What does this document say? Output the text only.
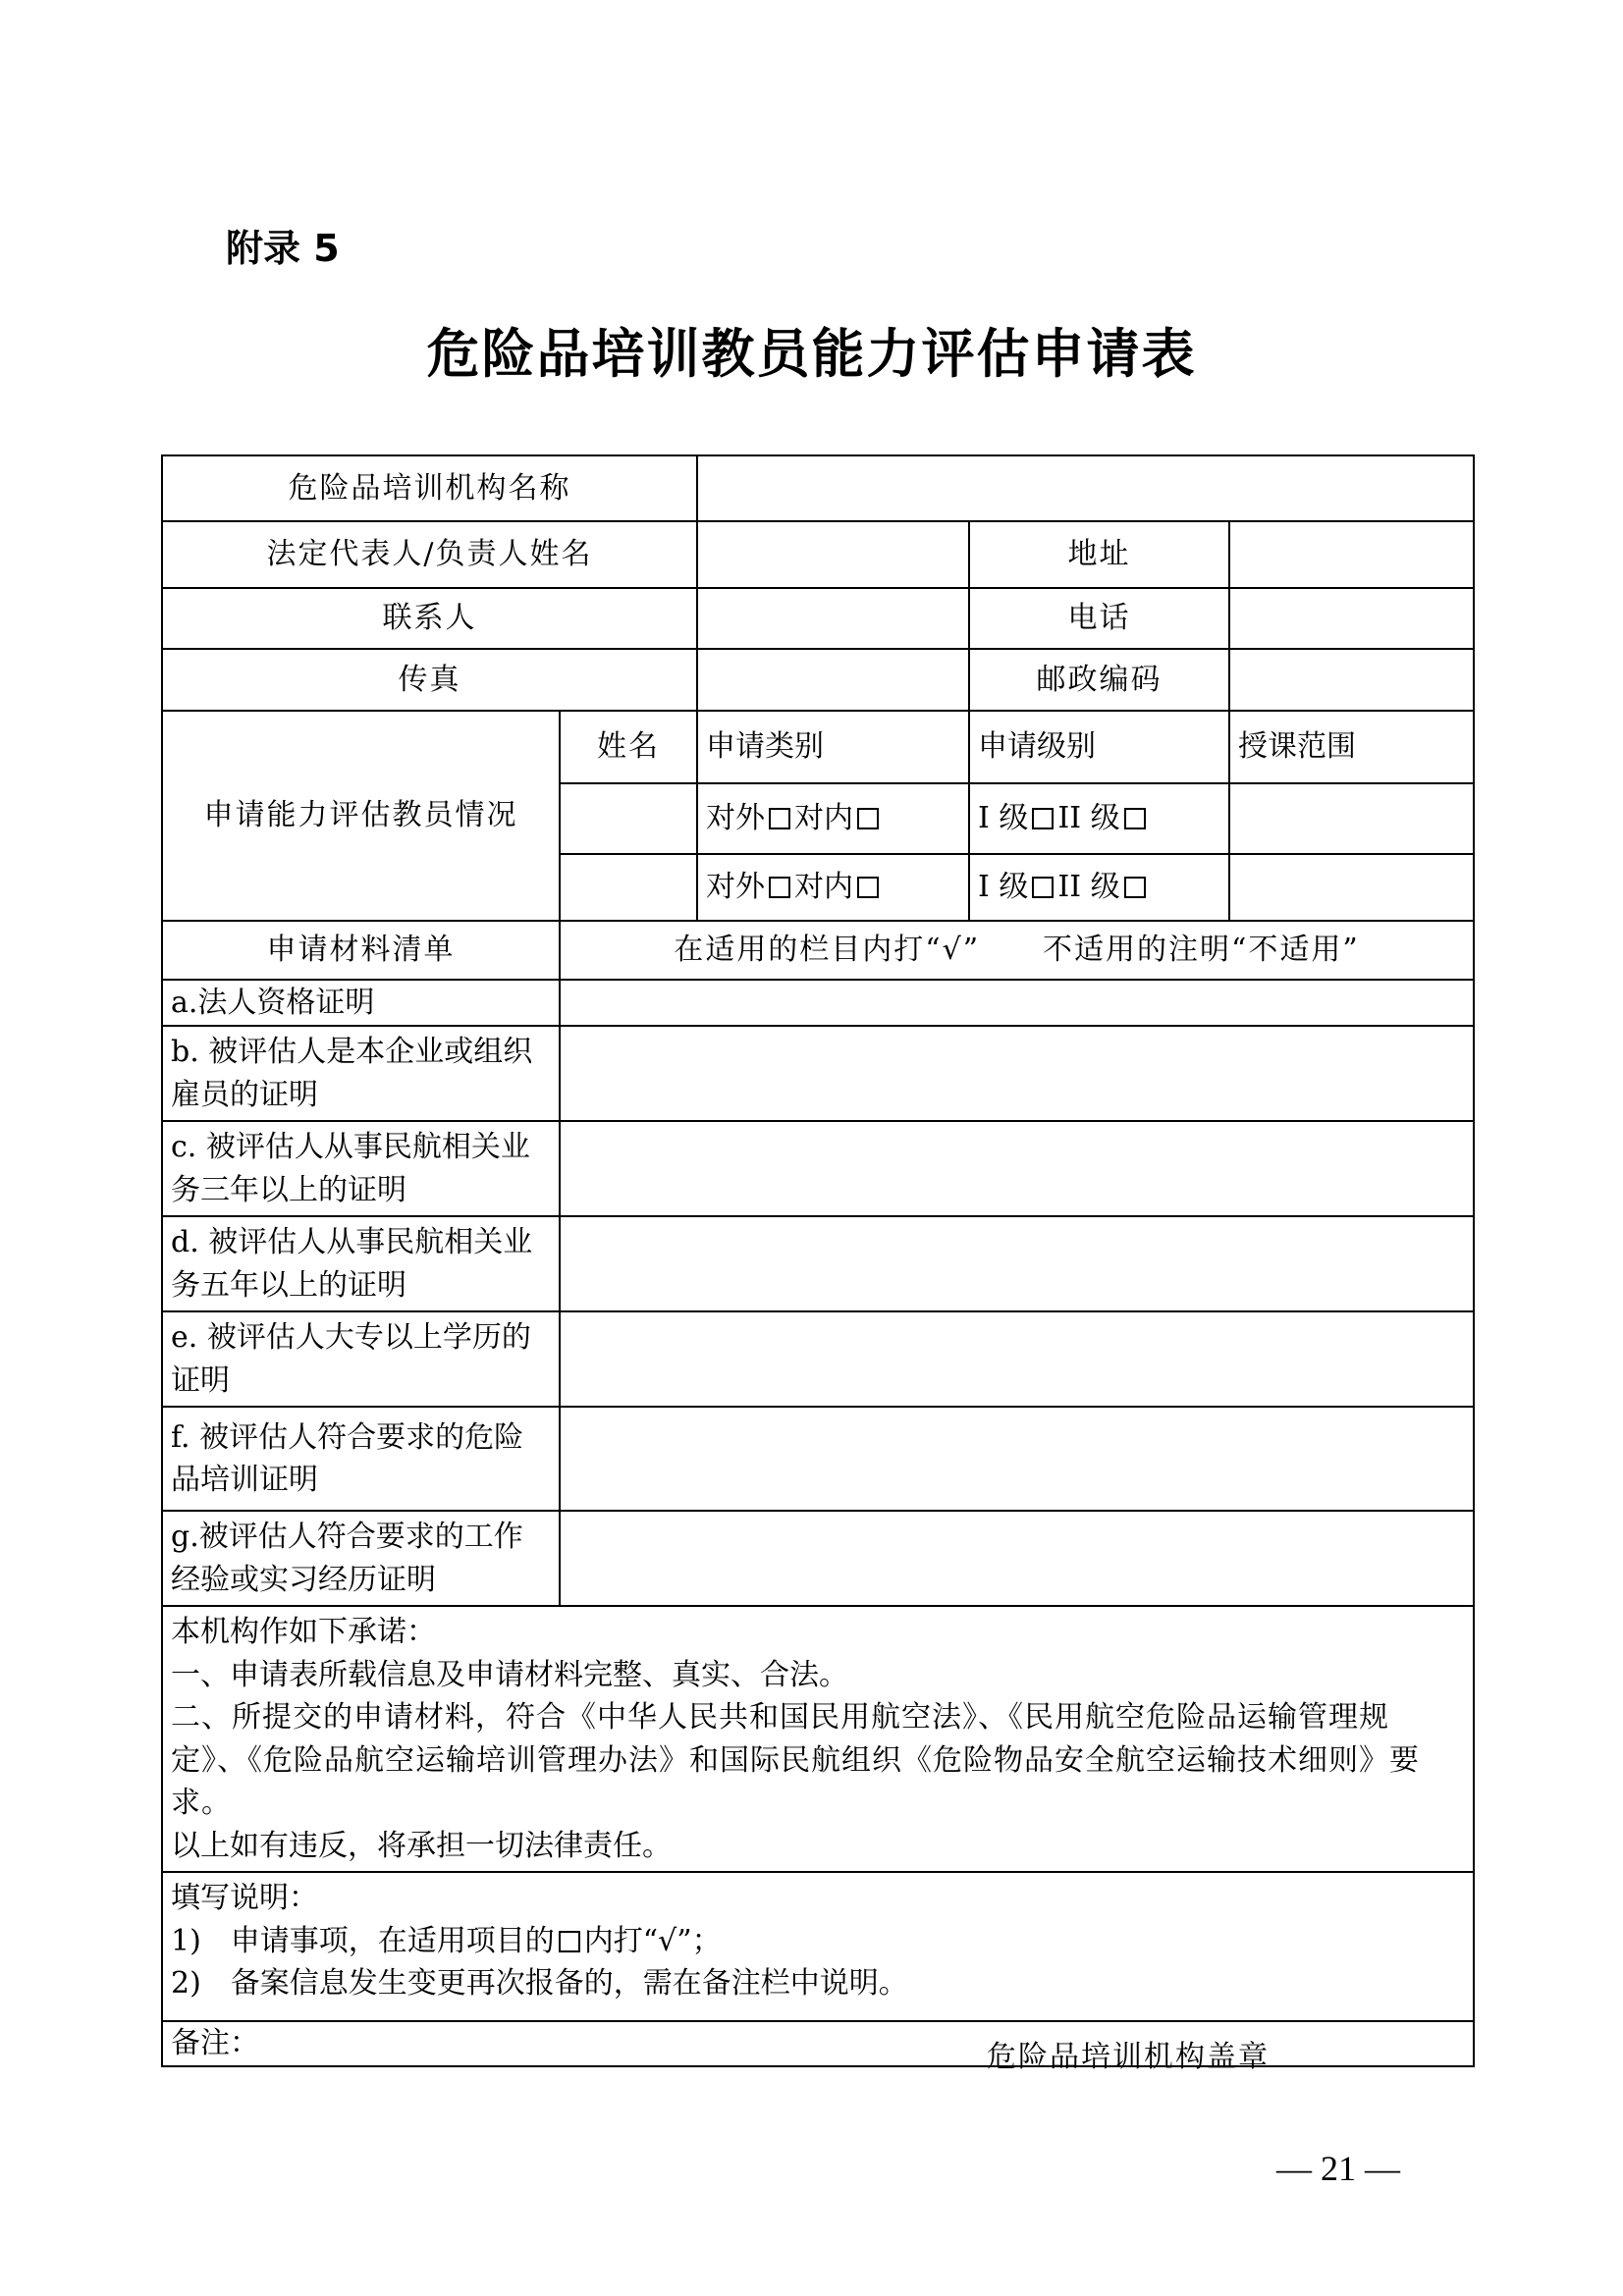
附录 5
危险品培训教员能力评估申请表
危险品培训机构名称				
法定代表人/负责人姓名			地址	
联系人			电话	
传真			邮政编码	
申请能力评估教员情况	姓名	申请类别	申请级别	授课范围
		对外 对内	I 级 II 级	
		对外 对内	I 级 II 级	
申请材料清单	在适用的栏目内打“√”　　不适用的注明“不适用”			
a.法人资格证明				
b. 被评估人是本企业或组织雇员的证明				
c. 被评估人从事民航相关业务三年以上的证明				
d. 被评估人从事民航相关业务五年以上的证明				
e. 被评估人大专以上学历的证明				
f. 被评估人符合要求的危险品培训证明				
g.被评估人符合要求的工作经验或实习经历证明				

本机构作如下承诺：
一、申请表所载信息及申请材料完整、真实、合法。
二、所提交的申请材料，符合《中华人民共和国民用航空法》、《民用航空危险品运输管理规定》、《危险品航空运输培训管理办法》和国际民航组织《危险物品安全航空运输技术细则》要求。
以上如有违反，将承担一切法律责任。				

填写说明：
1)　申请事项，在适用项目的 内打“√”；
2)　备案信息发生变更再次报备的，需在备注栏中说明。				

备注：					危险品培训机构盖章
— 21 —
